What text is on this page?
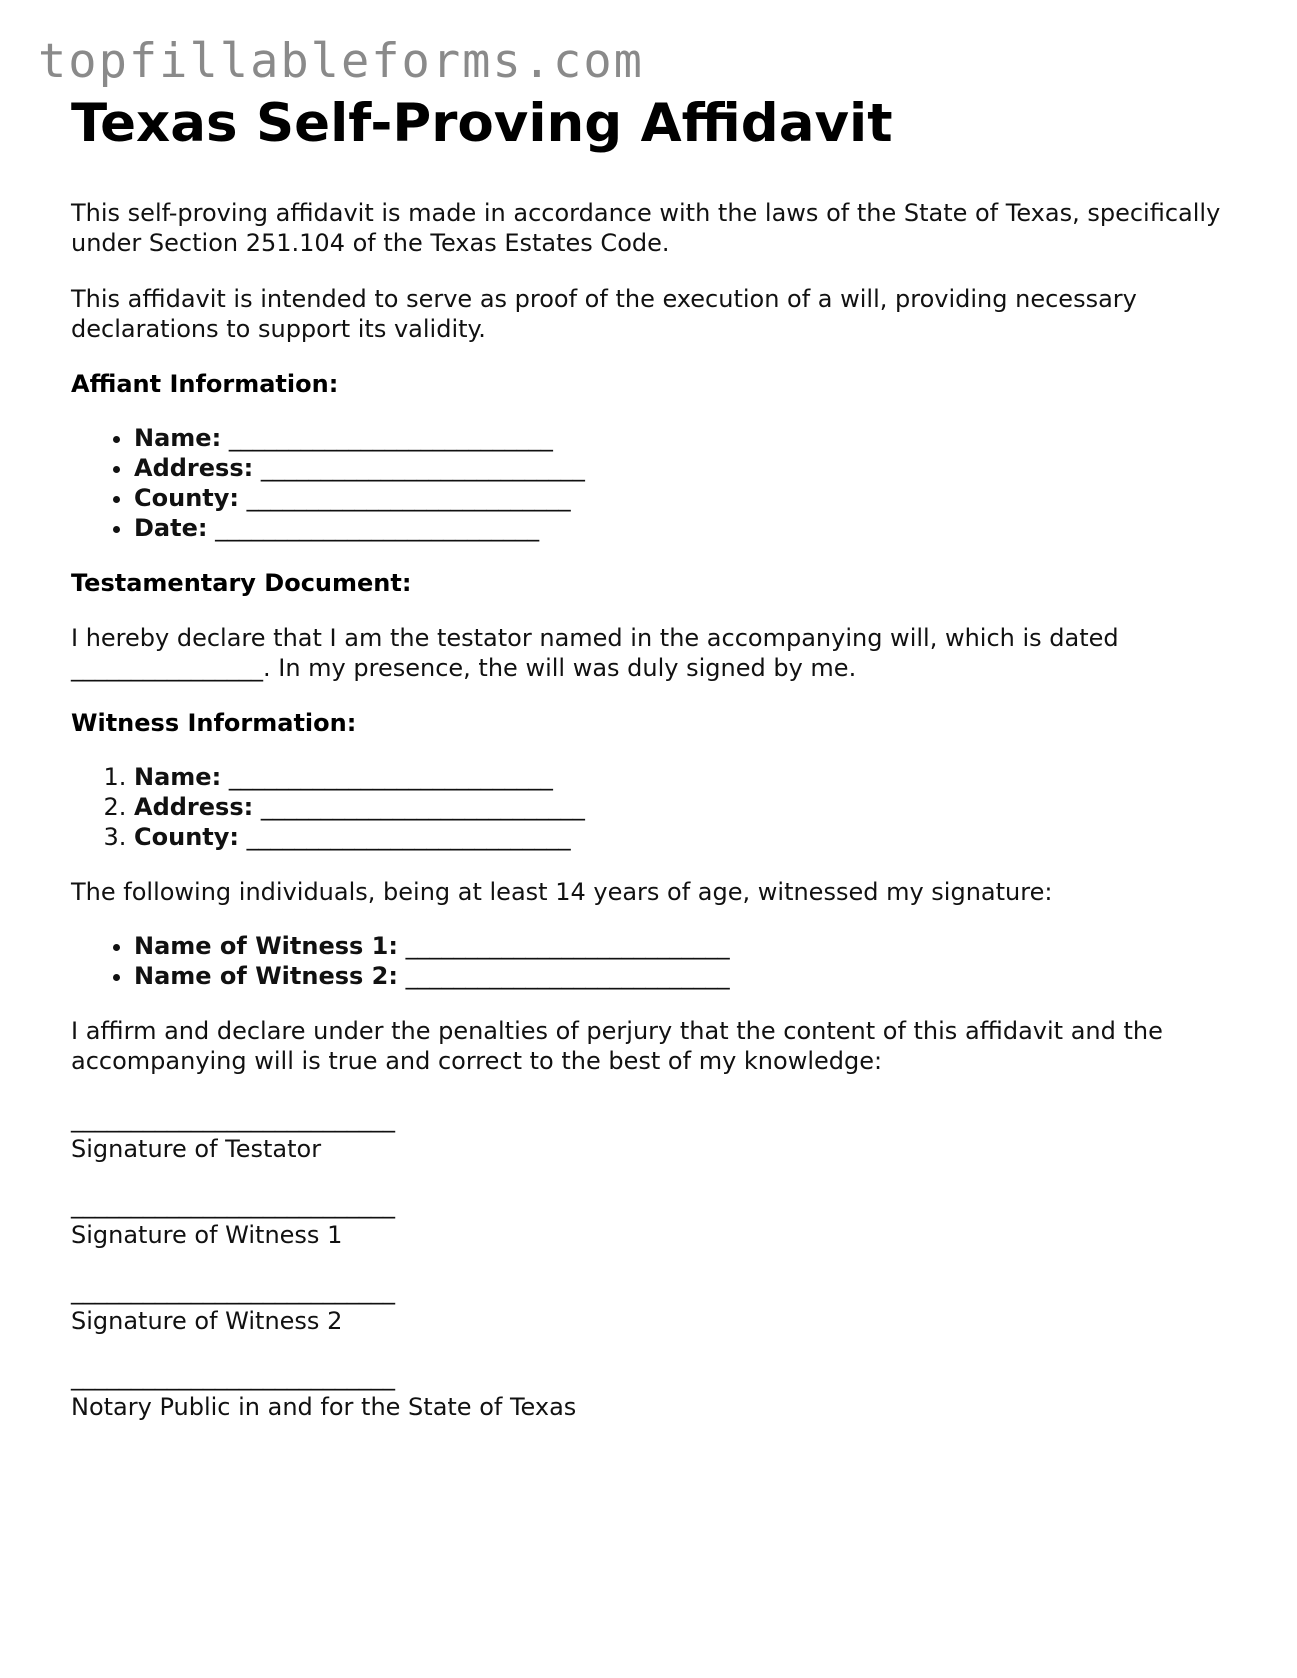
topfillableforms.com
Texas Self-Proving Affidavit

This self-proving affidavit is made in accordance with the laws of the State of Texas, specifically under Section 251.104 of the Texas Estates Code.

This affidavit is intended to serve as proof of the execution of a will, providing necessary declarations to support its validity.

Affiant Information:
• Name: ___________________________
• Address: ___________________________
• County: ___________________________
• Date: ___________________________
Testamentary Document:

I hereby declare that I am the testator named in the accompanying will, which is dated ________________. In my presence, the will was duly signed by me.

Witness Information:
1. Name: ___________________________
2. Address: ___________________________
3. County: ___________________________

The following individuals, being at least 14 years of age, witnessed my signature:

• Name of Witness 1: ___________________________
• Name of Witness 2: ___________________________

I affirm and declare under the penalties of perjury that the content of this affidavit and the accompanying will is true and correct to the best of my knowledge:

___________________________
Signature of Testator
___________________________
Signature of Witness 1
___________________________
Signature of Witness 2
___________________________
Notary Public in and for the State of Texas
